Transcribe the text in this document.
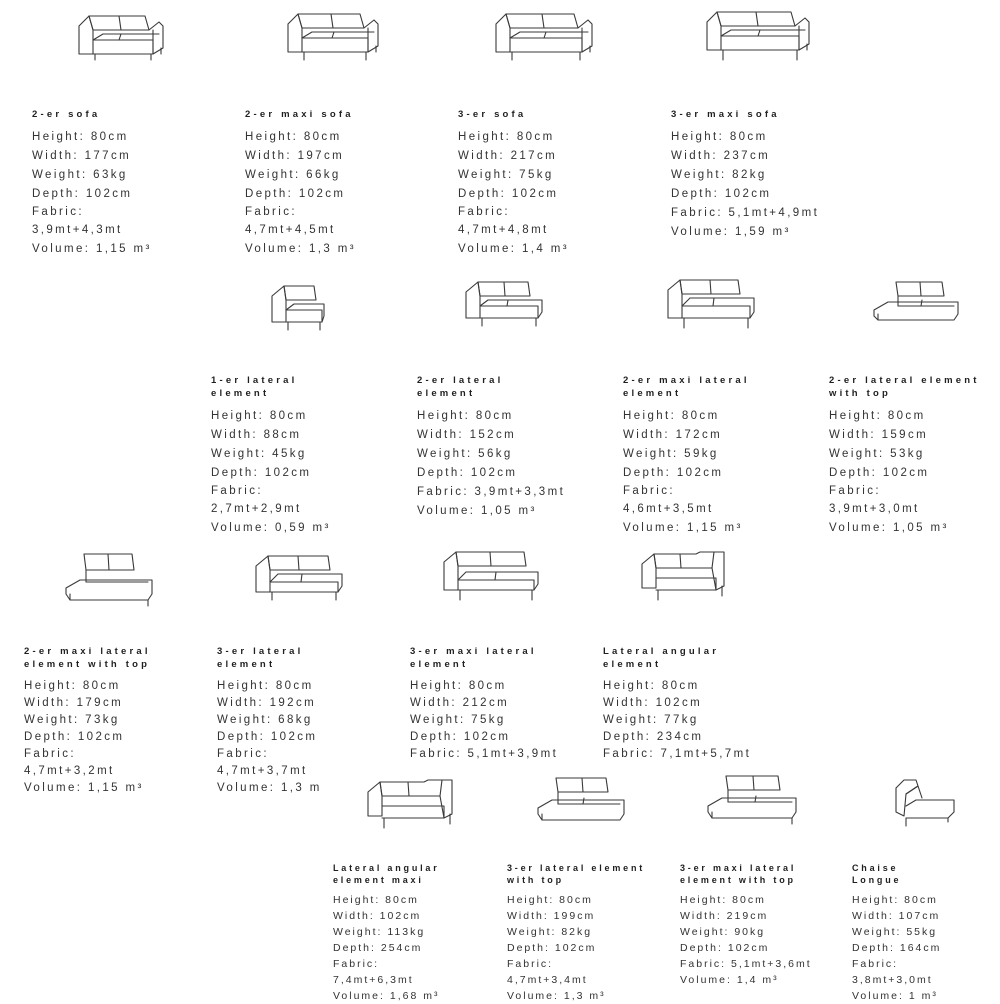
2-er sofa
Height: 80cm
Width: 177cm
Weight: 63kg
Depth: 102cm
Fabric:
3,9mt+4,3mt
Volume: 1,15 m³
2-er maxi sofa
Height: 80cm
Width: 197cm
Weight: 66kg
Depth: 102cm
Fabric:
4,7mt+4,5mt
Volume: 1,3 m³
3-er sofa
Height: 80cm
Width: 217cm
Weight: 75kg
Depth: 102cm
Fabric:
4,7mt+4,8mt
Volume: 1,4 m³
3-er maxi sofa
Height: 80cm
Width: 237cm
Weight: 82kg
Depth: 102cm
Fabric: 5,1mt+4,9mt
Volume: 1,59 m³
1-er lateral element
Height: 80cm
Width: 88cm
Weight: 45kg
Depth: 102cm
Fabric:
2,7mt+2,9mt
Volume: 0,59 m³
2-er lateral element
Height: 80cm
Width: 152cm
Weight: 56kg
Depth: 102cm
Fabric: 3,9mt+3,3mt
Volume: 1,05 m³
2-er maxi lateral element
Height: 80cm
Width: 172cm
Weight: 59kg
Depth: 102cm
Fabric:
4,6mt+3,5mt
Volume: 1,15 m³
2-er lateral element with top
Height: 80cm
Width: 159cm
Weight: 53kg
Depth: 102cm
Fabric:
3,9mt+3,0mt
Volume: 1,05 m³
2-er maxi lateral element with top
Height: 80cm
Width: 179cm
Weight: 73kg
Depth: 102cm
Fabric:
4,7mt+3,2mt
Volume: 1,15 m³
3-er lateral element
Height: 80cm
Width: 192cm
Weight: 68kg
Depth: 102cm
Fabric:
4,7mt+3,7mt
Volume: 1,3 m
3-er maxi lateral element
Height: 80cm
Width: 212cm
Weight: 75kg
Depth: 102cm
Fabric: 5,1mt+3,9mt
Lateral angular element
Height: 80cm
Width: 102cm
Weight: 77kg
Depth: 234cm
Fabric: 7,1mt+5,7mt
Lateral angular element maxi
Height: 80cm
Width: 102cm
Weight: 113kg
Depth: 254cm
Fabric:
7,4mt+6,3mt
Volume: 1,68 m³
3-er lateral element with top
Height: 80cm
Width: 199cm
Weight: 82kg
Depth: 102cm
Fabric:
4,7mt+3,4mt
Volume: 1,3 m³
3-er maxi lateral element with top
Height: 80cm
Width: 219cm
Weight: 90kg
Depth: 102cm
Fabric: 5,1mt+3,6mt
Volume: 1,4 m³
Chaise Longue
Height: 80cm
Width: 107cm
Weight: 55kg
Depth: 164cm
Fabric:
3,8mt+3,0mt
Volume: 1 m³
